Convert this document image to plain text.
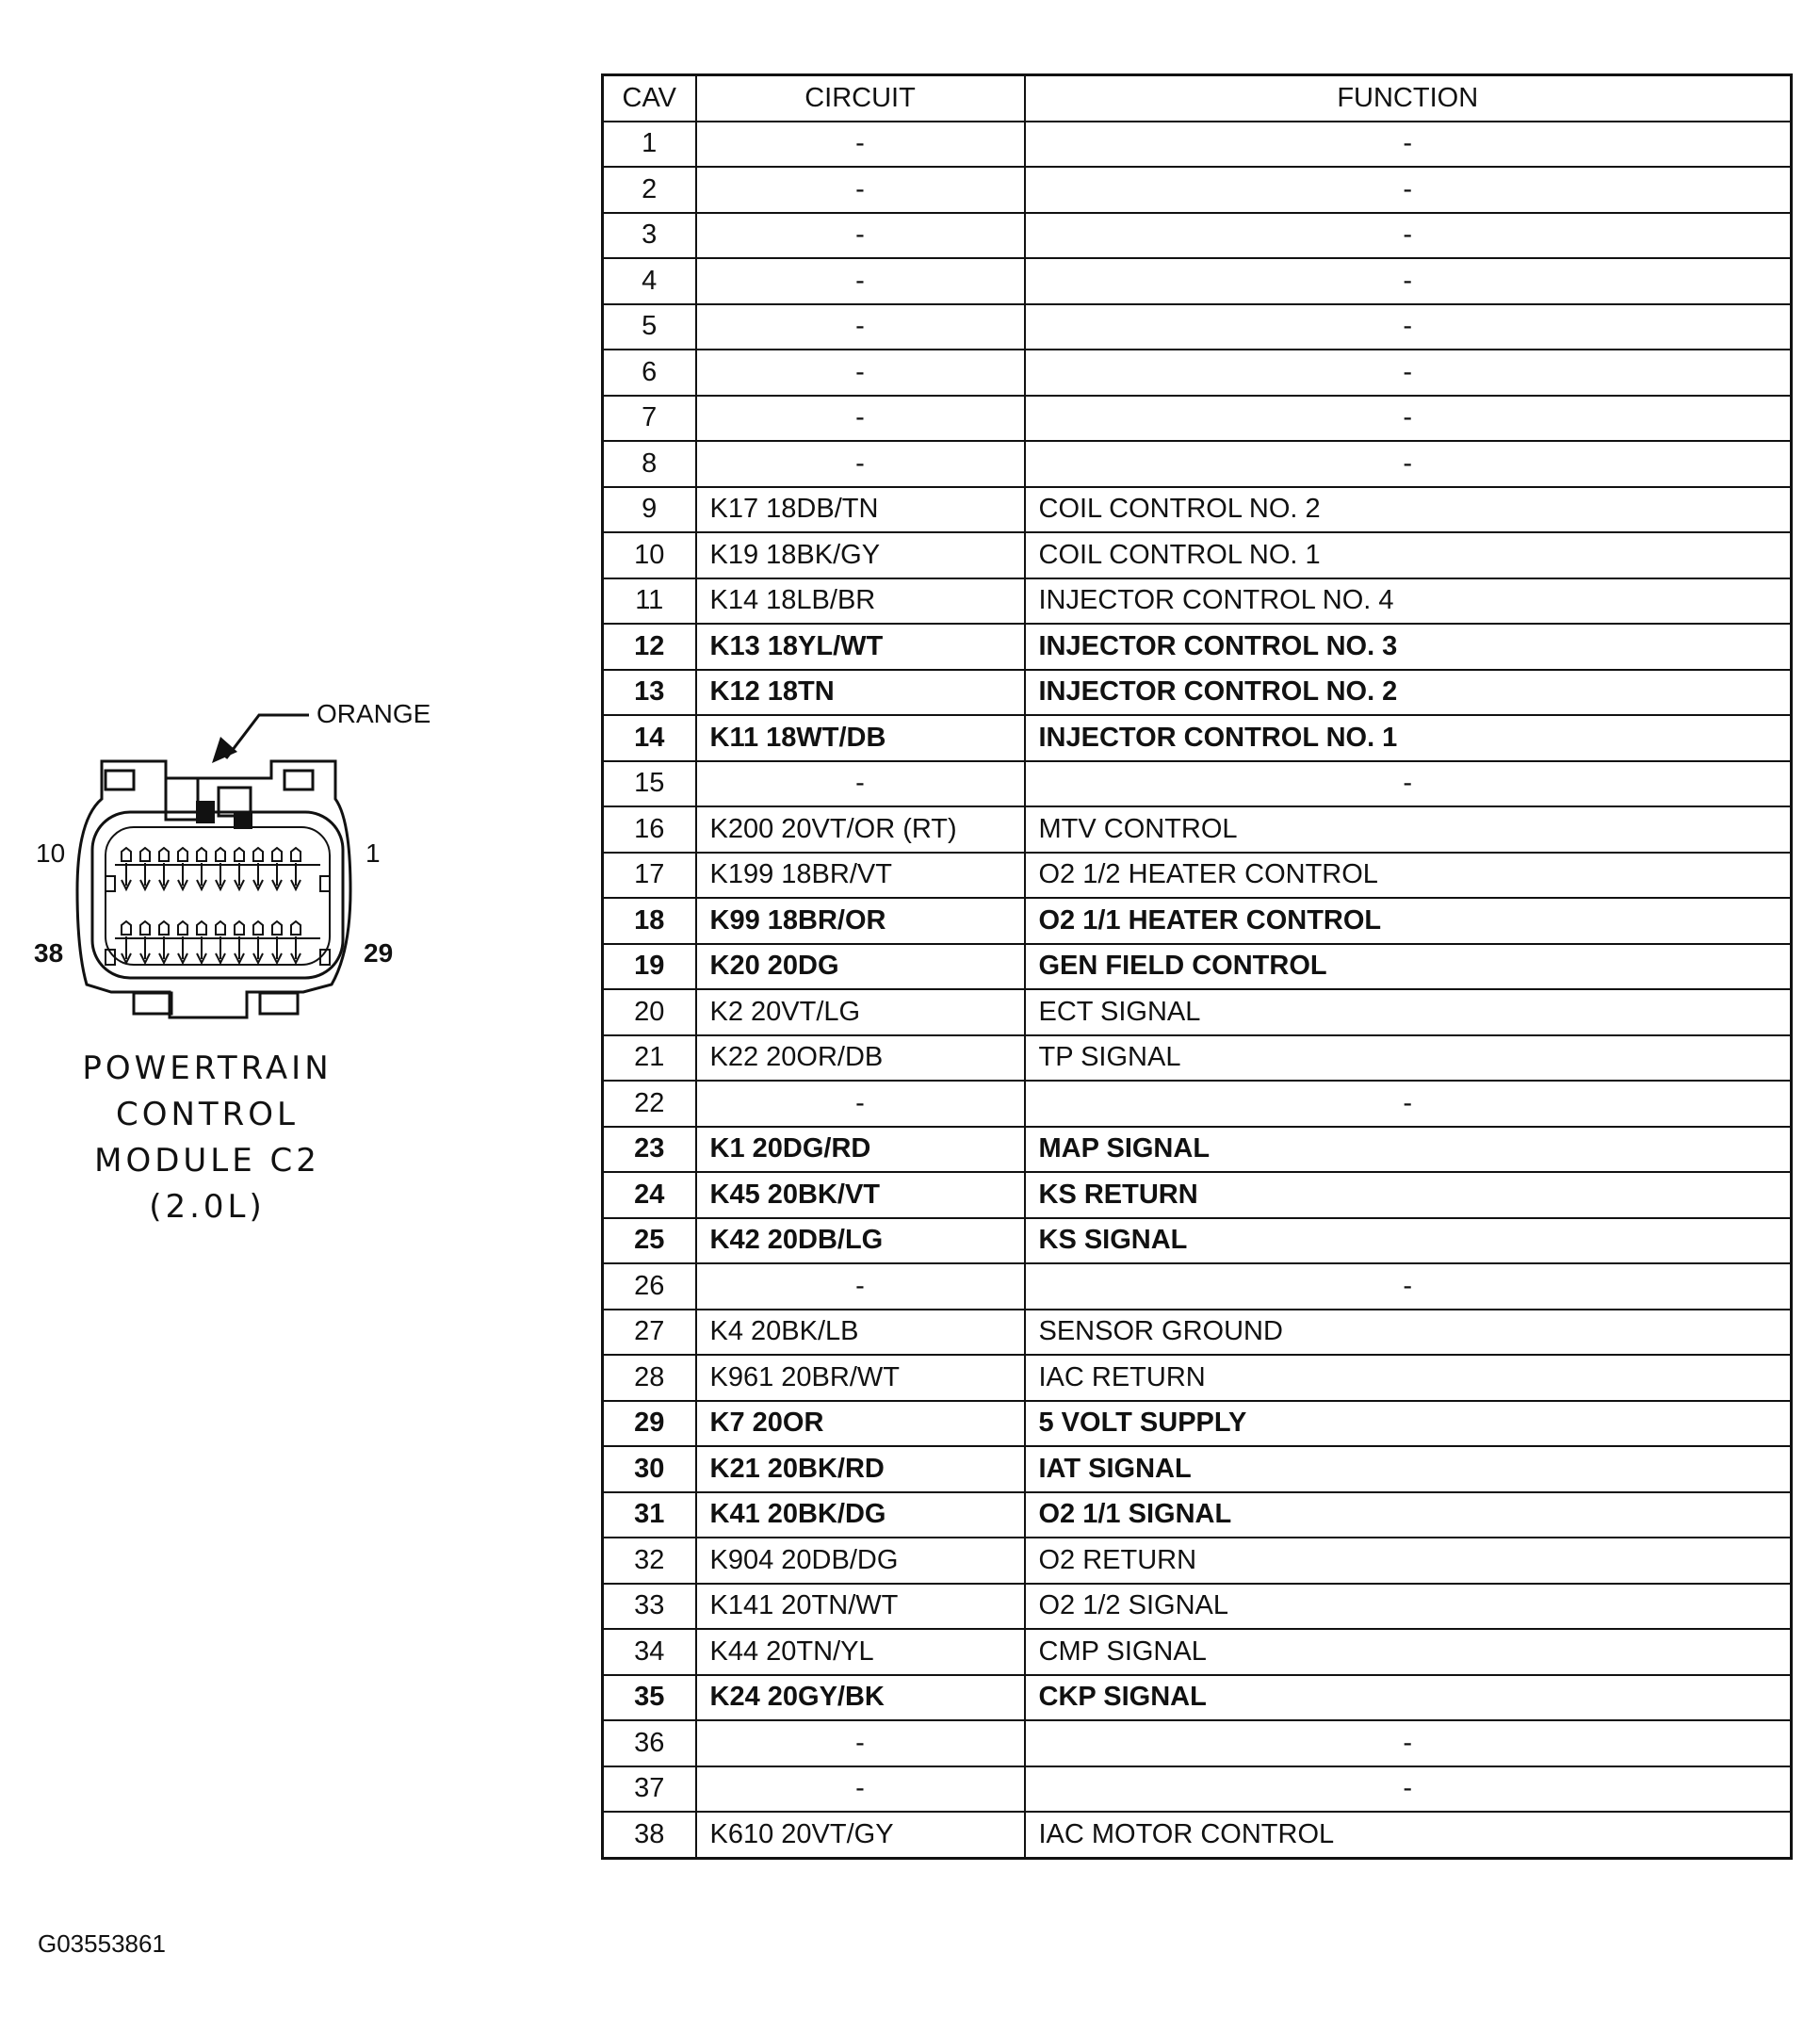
ORANGE
10	1
38	29
POWERTRAIN
CONTROL
MODULE C2
(2.0L)
G03553861
CAV	CIRCUIT	FUNCTION
1	-	-
2	-	-
3	-	-
4	-	-
5	-	-
6	-	-
7	-	-
8	-	-
9	K17 18DB/TN	COIL CONTROL NO. 2
10	K19 18BK/GY	COIL CONTROL NO. 1
11	K14 18LB/BR	INJECTOR CONTROL NO. 4
12	K13 18YL/WT	INJECTOR CONTROL NO. 3
13	K12 18TN	INJECTOR CONTROL NO. 2
14	K11 18WT/DB	INJECTOR CONTROL NO. 1
15	-	-
16	K200 20VT/OR (RT)	MTV CONTROL
17	K199 18BR/VT	O2 1/2 HEATER CONTROL
18	K99 18BR/OR	O2 1/1 HEATER CONTROL
19	K20 20DG	GEN FIELD CONTROL
20	K2 20VT/LG	ECT SIGNAL
21	K22 20OR/DB	TP SIGNAL
22	-	-
23	K1 20DG/RD	MAP SIGNAL
24	K45 20BK/VT	KS RETURN
25	K42 20DB/LG	KS SIGNAL
26	-	-
27	K4 20BK/LB	SENSOR GROUND
28	K961 20BR/WT	IAC RETURN
29	K7 20OR	5 VOLT SUPPLY
30	K21 20BK/RD	IAT SIGNAL
31	K41 20BK/DG	O2 1/1 SIGNAL
32	K904 20DB/DG	O2 RETURN
33	K141 20TN/WT	O2 1/2 SIGNAL
34	K44 20TN/YL	CMP SIGNAL
35	K24 20GY/BK	CKP SIGNAL
36	-	-
37	-	-
38	K610 20VT/GY	IAC MOTOR CONTROL
